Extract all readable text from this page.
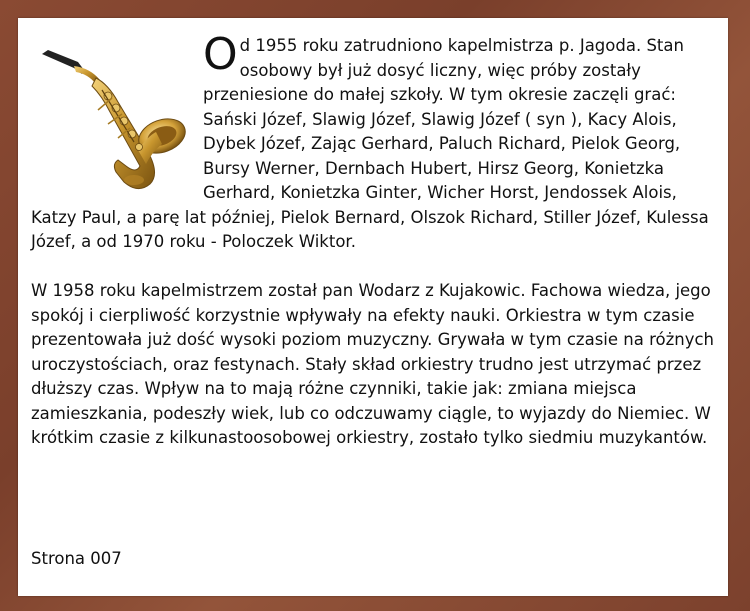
Od 1955 roku zatrudniono kapelmistrza p. Jagoda. Stan osobowy był już dosyć liczny, więc próby zostały przeniesione do małej szkoły. W tym okresie zaczęli grać: Sański Józef, Slawig Józef, Slawig Józef ( syn ), Kacy Alois, Dybek Józef, Zając Gerhard, Paluch Richard, Pielok Georg, Bursy Werner, Dernbach Hubert, Hirsz Georg, Konietzka Gerhard, Konietzka Ginter, Wicher Horst, Jendossek Alois, Katzy Paul, a parę lat później, Pielok Bernard, Olszok Richard, Stiller Józef, Kulessa Józef, a od 1970 roku - Poloczek Wiktor.

W 1958 roku kapelmistrzem został pan Wodarz z Kujakowic. Fachowa wiedza, jego spokój i cierpliwość korzystnie wpływały na efekty nauki. Orkiestra w tym czasie prezentowała już dość wysoki poziom muzyczny. Grywała w tym czasie na różnych uroczystościach, oraz festynach. Stały skład orkiestry trudno jest utrzymać przez dłuższy czas. Wpływ na to mają różne czynniki, takie jak: zmiana miejsca zamieszkania, podeszły wiek, lub co odczuwamy ciągle, to wyjazdy do Niemiec. W krótkim czasie z kilkunastoosobowej orkiestry, zostało tylko siedmiu muzykantów.

Strona 007
